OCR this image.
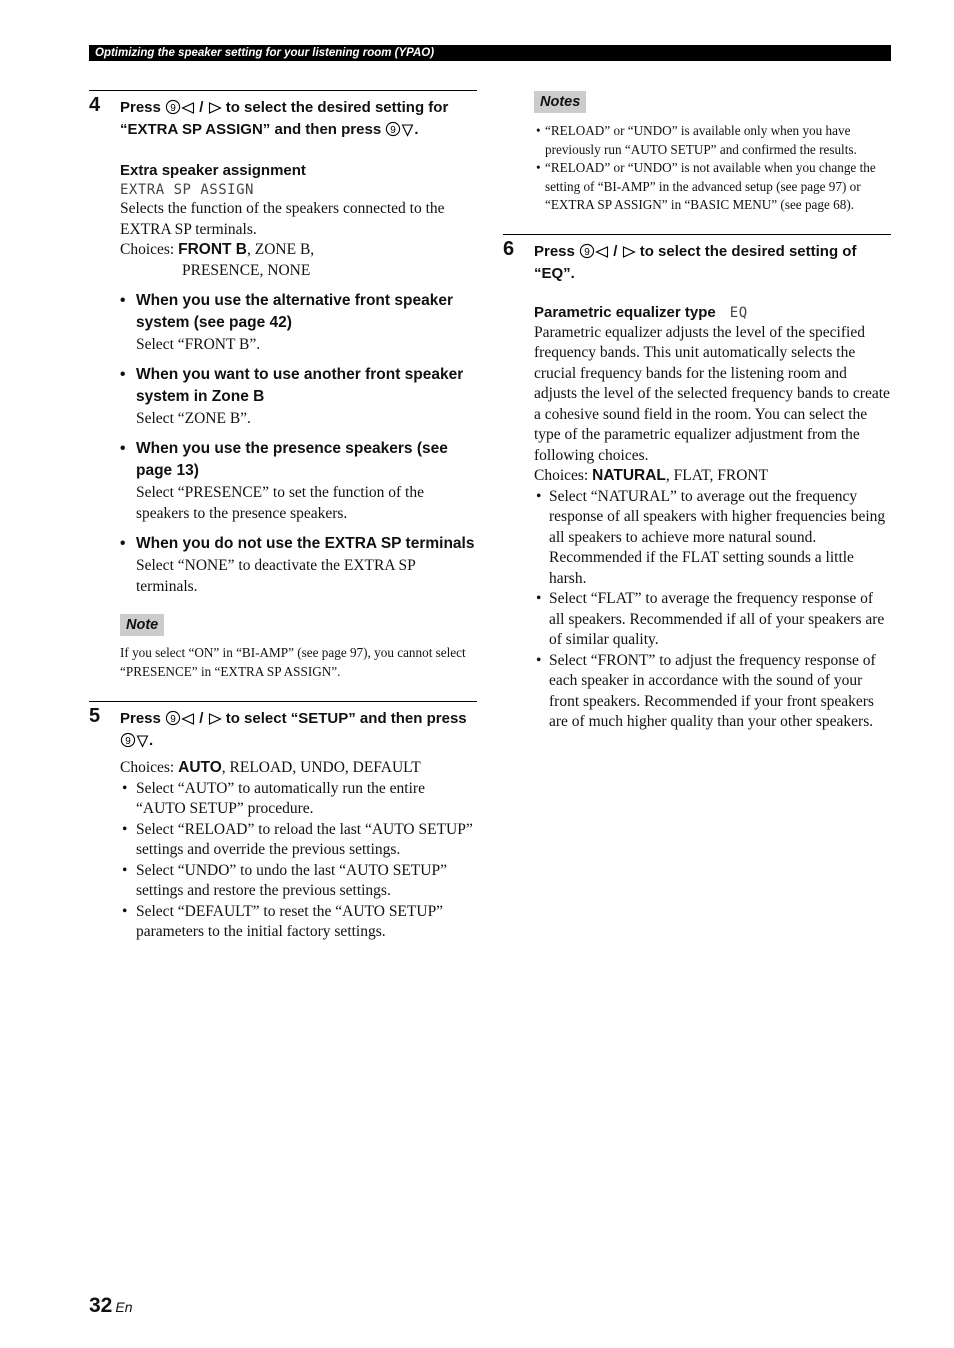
Optimizing the speaker setting for your listening room (YPAO)
4 Press 9 /  to select the desired setting for “EXTRA SP ASSIGN” and then press 9 .
Extra speaker assignment
EXTRA SP ASSIGN
Selects the function of the speakers connected to the EXTRA SP terminals.
Choices: FRONT B, ZONE B,
PRESENCE, NONE
• When you use the alternative front speaker system (see page 42)
Select “FRONT B”.
• When you want to use another front speaker system in Zone B
Select “ZONE B”.
• When you use the presence speakers (see page 13)
Select “PRESENCE” to set the function of the speakers to the presence speakers.
• When you do not use the EXTRA SP terminals
Select “NONE” to deactivate the EXTRA SP terminals.
Note
If you select “ON” in “BI-AMP” (see page 97), you cannot select “PRESENCE” in “EXTRA SP ASSIGN”.
5 Press 9 /  to select “SETUP” and then press
9 .
Choices: AUTO, RELOAD, UNDO, DEFAULT
• Select “AUTO” to automatically run the entire “AUTO SETUP” procedure.
• Select “RELOAD” to reload the last “AUTO SETUP” settings and override the previous settings.
• Select “UNDO” to undo the last “AUTO SETUP” settings and restore the previous settings.
• Select “DEFAULT” to reset the “AUTO SETUP” parameters to the initial factory settings.
Notes
• “RELOAD” or “UNDO” is available only when you have previously run “AUTO SETUP” and confirmed the results.
• “RELOAD” or “UNDO” is not available when you change the setting of “BI-AMP” in the advanced setup (see page 97) or “EXTRA SP ASSIGN” in “BASIC MENU” (see page 68).
6 Press 9 /  to select the desired setting of “EQ”.
Parametric equalizer type EQ
Parametric equalizer adjusts the level of the specified frequency bands. This unit automatically selects the crucial frequency bands for the listening room and adjusts the level of the selected frequency bands to create a cohesive sound field in the room. You can select the type of the parametric equalizer adjustment from the following choices.
Choices: NATURAL, FLAT, FRONT
• Select “NATURAL” to average out the frequency response of all speakers with higher frequencies being all speakers to achieve more natural sound. Recommended if the FLAT setting sounds a little harsh.
• Select “FLAT” to average the frequency response of all speakers. Recommended if all of your speakers are of similar quality.
• Select “FRONT” to adjust the frequency response of each speaker in accordance with the sound of your front speakers. Recommended if your front speakers are of much higher quality than your other speakers.
32 En
